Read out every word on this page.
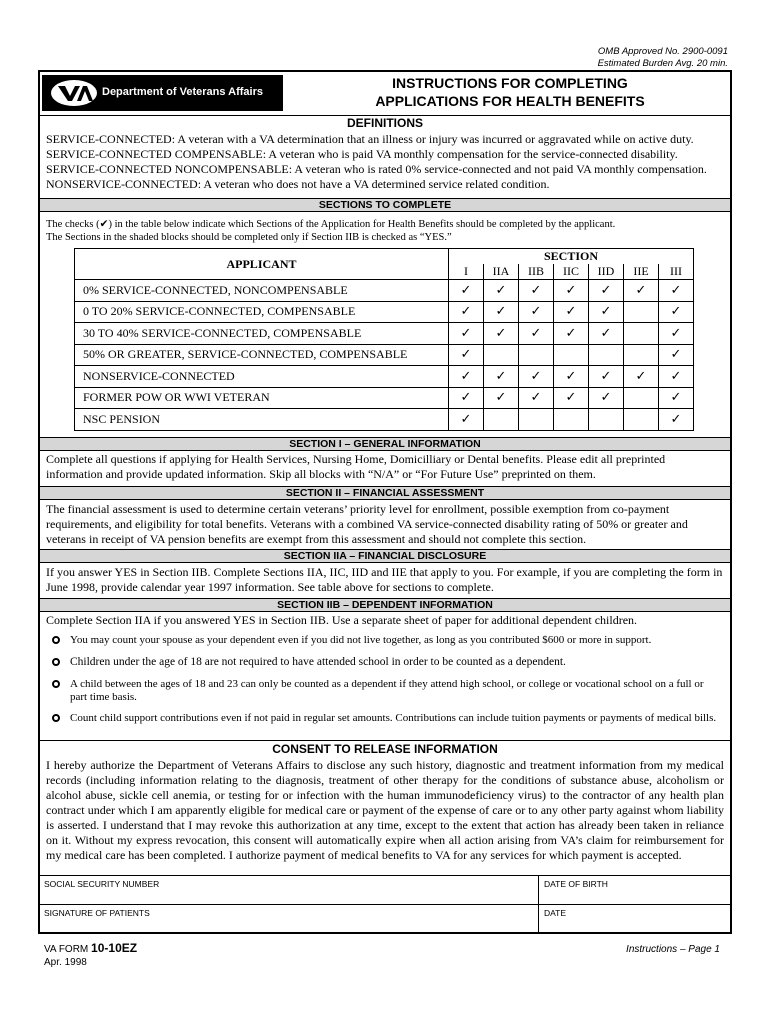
OMB Approved No. 2900-0091
Estimated Burden Avg. 20 min.
Department of Veterans Affairs
INSTRUCTIONS FOR COMPLETING
APPLICATIONS FOR HEALTH BENEFITS
DEFINITIONS
SERVICE-CONNECTED: A veteran with a VA determination that an illness or injury was incurred or aggravated while on active duty.
SERVICE-CONNECTED COMPENSABLE: A veteran who is paid VA monthly compensation for the service-connected disability.
SERVICE-CONNECTED NONCOMPENSABLE: A veteran who is rated 0% service-connected and not paid VA monthly compensation.
NONSERVICE-CONNECTED: A veteran who does not have a VA determined service related condition.
SECTIONS TO COMPLETE
The checks (✔) in the table below indicate which Sections of the Application for Health Benefits should be completed by the applicant.
The Sections in the shaded blocks should be completed only if Section IIB is checked as “YES.”
APPLICANT	SECTION						
	I	IIA	IIB	IIC	IID	IIE	III
0% SERVICE-CONNECTED, NONCOMPENSABLE	✓	✓	✓	✓	✓	✓	✓
0 TO 20% SERVICE-CONNECTED, COMPENSABLE	✓	✓	✓	✓	✓		✓
30 TO 40% SERVICE-CONNECTED, COMPENSABLE	✓	✓	✓	✓	✓		✓
50% OR GREATER, SERVICE-CONNECTED, COMPENSABLE	✓						✓
NONSERVICE-CONNECTED	✓	✓	✓	✓	✓	✓	✓
FORMER POW OR WWI VETERAN	✓	✓	✓	✓	✓		✓
NSC PENSION	✓						✓
SECTION I – GENERAL INFORMATION
Complete all questions if applying for Health Services, Nursing Home, Domicilliary or Dental benefits. Please edit all preprinted information and provide updated information. Skip all blocks with “N/A” or “For Future Use” preprinted on them.
SECTION II – FINANCIAL ASSESSMENT
The financial assessment is used to determine certain veterans’ priority level for enrollment, possible exemption from co-payment requirements, and eligibility for total benefits. Veterans with a combined VA service-connected disability rating of 50% or greater and veterans in receipt of VA pension benefits are exempt from this assessment and should not complete this section.
SECTION IIA – FINANCIAL DISCLOSURE
If you answer YES in Section IIB. Complete Sections IIA, IIC, IID and IIE that apply to you. For example, if you are completing the form in June 1998, provide calendar year 1997 information. See table above for sections to complete.
SECTION IIB – DEPENDENT INFORMATION
Complete Section IIA if you answered YES in Section IIB. Use a separate sheet of paper for additional dependent children.
You may count your spouse as your dependent even if you did not live together, as long as you contributed $600 or more in support.
Children under the age of 18 are not required to have attended school in order to be counted as a dependent.
A child between the ages of 18 and 23 can only be counted as a dependent if they attend high school, or college or vocational school on a full or part time basis.
Count child support contributions even if not paid in regular set amounts. Contributions can include tuition payments or payments of medical bills.
CONSENT TO RELEASE INFORMATION
I hereby authorize the Department of Veterans Affairs to disclose any such history, diagnostic and treatment information from my medical records (including information relating to the diagnosis, treatment of other therapy for the conditions of substance abuse, alcoholism or alcohol abuse, sickle cell anemia, or testing for or infection with the human immunodeficiency virus) to the contractor of any health plan contract under which I am apparently eligible for medical care or payment of the expense of care or to any other party against whom liability is asserted. I understand that I may revoke this authorization at any time, except to the extent that action has already been taken in reliance on it. Without my express revocation, this consent will automatically expire when all action arising from VA’s claim for reimbursement for my medical care has been completed. I authorize payment of medical benefits to VA for any services for which payment is accepted.
SOCIAL SECURITY NUMBER	DATE OF BIRTH
SIGNATURE OF PATIENTS	DATE
VA FORM 10-10EZ
Apr. 1998
Instructions – Page 1
